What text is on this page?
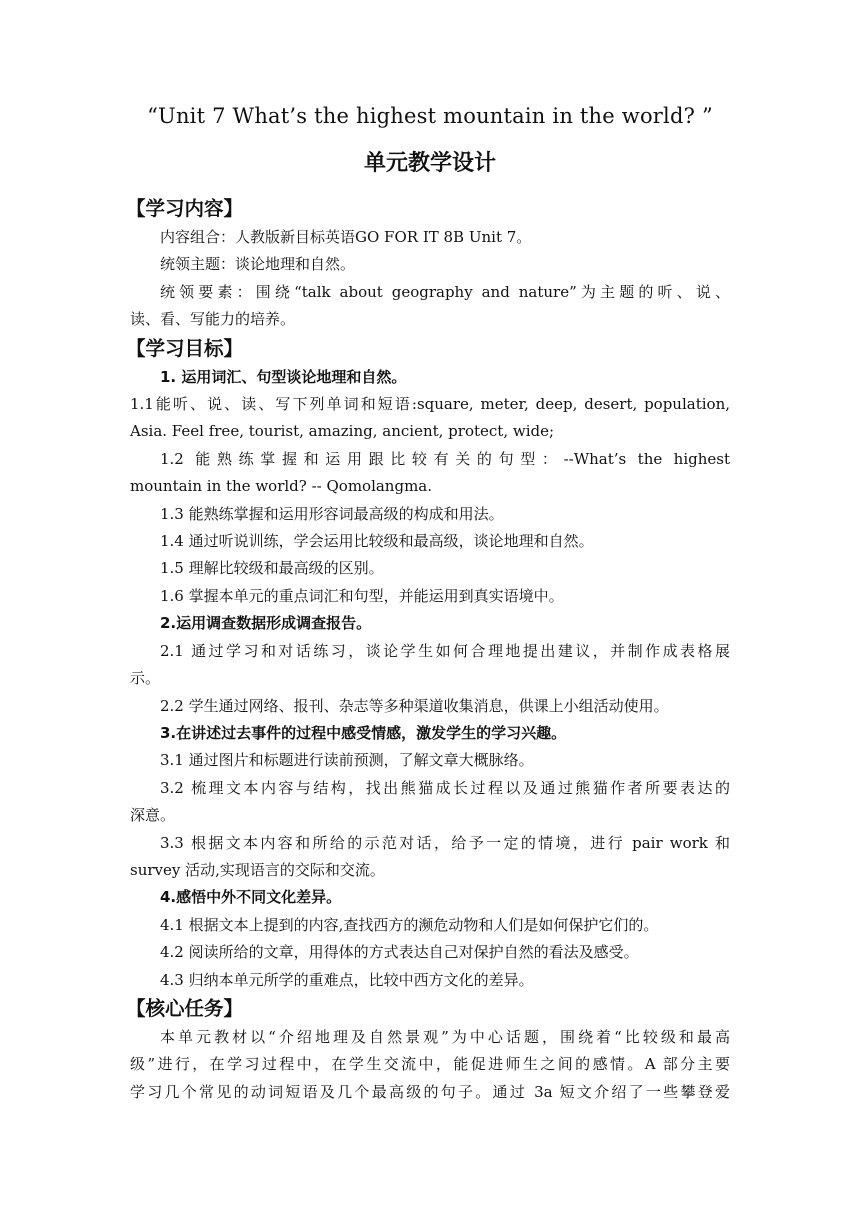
“Unit 7 What’s the highest mountain in the world? ”
单元教学设计
【学习内容】
内容组合：人教版新目标英语GO FOR IT 8B Unit 7。
统领主题：谈论地理和自然。
统领要素：围绕“talk about geography and nature”为主题的听、说、
读、看、写能力的培养。
【学习目标】
1. 运用词汇、句型谈论地理和自然。
1.1能听、说、读、写下列单词和短语:square, meter, deep, desert, population,
Asia. Feel free, tourist, amazing, ancient, protect, wide;
1.2 能熟练掌握和运用跟比较有关的句型：--What’s the highest
mountain in the world? -- Qomolangma.
1.3 能熟练掌握和运用形容词最高级的构成和用法。
1.4 通过听说训练，学会运用比较级和最高级，谈论地理和自然。
1.5 理解比较级和最高级的区别。
1.6 掌握本单元的重点词汇和句型，并能运用到真实语境中。
2.运用调查数据形成调查报告。
2.1 通过学习和对话练习，谈论学生如何合理地提出建议，并制作成表格展
示。
2.2 学生通过网络、报刊、杂志等多种渠道收集消息，供课上小组活动使用。
3.在讲述过去事件的过程中感受情感，激发学生的学习兴趣。
3.1 通过图片和标题进行读前预测，了解文章大概脉络。
3.2 梳理文本内容与结构，找出熊猫成长过程以及通过熊猫作者所要表达的
深意。
3.3 根据文本内容和所给的示范对话，给予一定的情境，进行 pair work 和
survey 活动,实现语言的交际和交流。
4.感悟中外不同文化差异。
4.1 根据文本上提到的内容,查找西方的濒危动物和人们是如何保护它们的。
4.2 阅读所给的文章，用得体的方式表达自己对保护自然的看法及感受。
4.3 归纳本单元所学的重难点，比较中西方文化的差异。
【核心任务】
本单元教材以“介绍地理及自然景观”为中心话题，围绕着“比较级和最高
级”进行，在学习过程中，在学生交流中，能促进师生之间的感情。A 部分主要
学习几个常见的动词短语及几个最高级的句子。通过 3a 短文介绍了一些攀登爱
